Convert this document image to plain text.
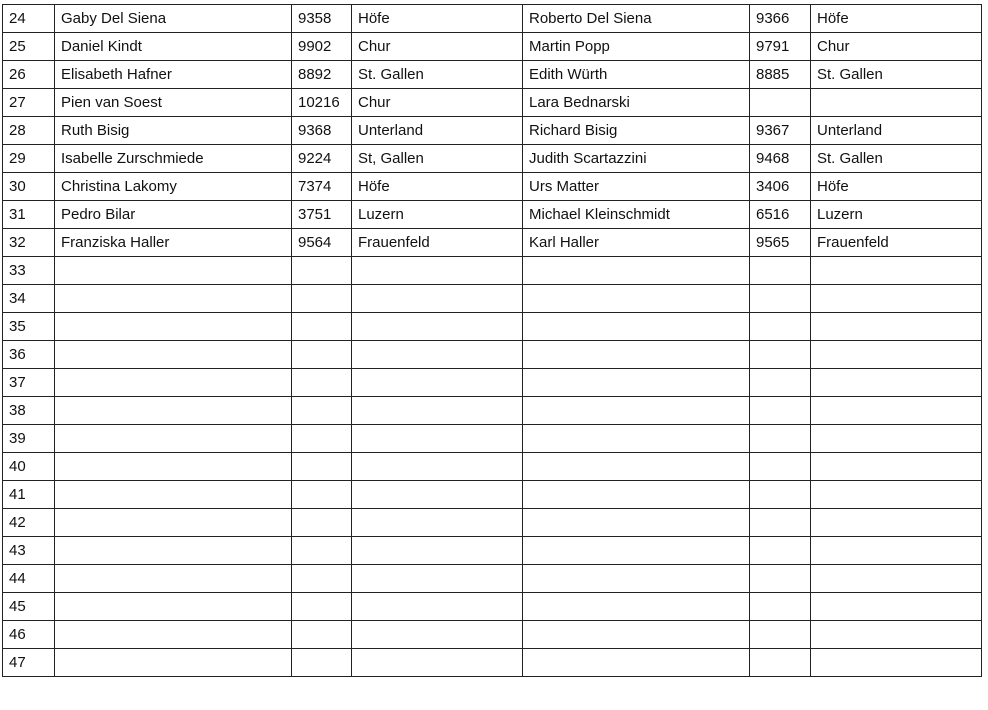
24	Gaby Del Siena	9358	Höfe	Roberto Del Siena	9366	Höfe
25	Daniel Kindt	9902	Chur	Martin Popp	9791	Chur
26	Elisabeth Hafner	8892	St. Gallen	Edith Würth	8885	St. Gallen
27	Pien van Soest	10216	Chur	Lara Bednarski		
28	Ruth Bisig	9368	Unterland	Richard Bisig	9367	Unterland
29	Isabelle Zurschmiede	9224	St, Gallen	Judith Scartazzini	9468	St. Gallen
30	Christina Lakomy	7374	Höfe	Urs Matter	3406	Höfe
31	Pedro Bilar	3751	Luzern	Michael Kleinschmidt	6516	Luzern
32	Franziska Haller	9564	Frauenfeld	Karl Haller	9565	Frauenfeld
33						
34						
35						
36						
37						
38						
39						
40						
41						
42						
43						
44						
45						
46						
47						
